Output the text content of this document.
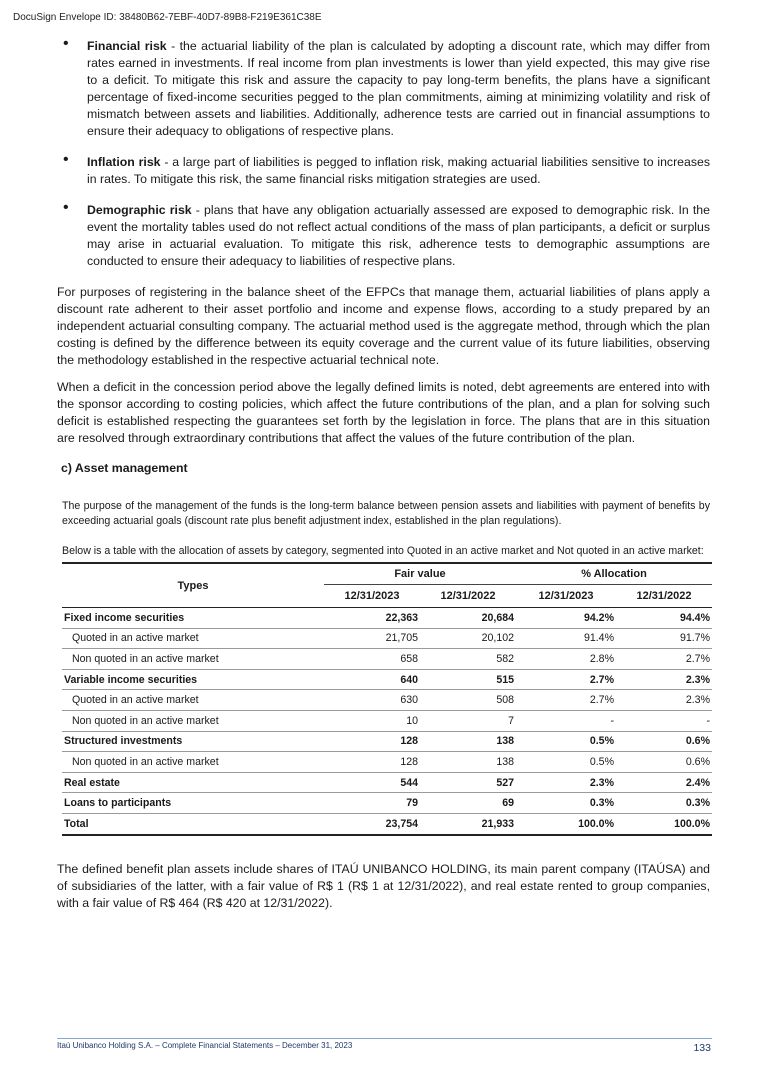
DocuSign Envelope ID: 38480B62-7EBF-40D7-89B8-F219E361C38E
• Financial risk - the actuarial liability of the plan is calculated by adopting a discount rate, which may differ from rates earned in investments. If real income from plan investments is lower than yield expected, this may give rise to a deficit. To mitigate this risk and assure the capacity to pay long-term benefits, the plans have a significant percentage of fixed-income securities pegged to the plan commitments, aiming at minimizing volatility and risk of mismatch between assets and liabilities. Additionally, adherence tests are carried out in financial assumptions to ensure their adequacy to obligations of respective plans.
• Inflation risk - a large part of liabilities is pegged to inflation risk, making actuarial liabilities sensitive to increases in rates. To mitigate this risk, the same financial risks mitigation strategies are used.
• Demographic risk - plans that have any obligation actuarially assessed are exposed to demographic risk. In the event the mortality tables used do not reflect actual conditions of the mass of plan participants, a deficit or surplus may arise in actuarial evaluation. To mitigate this risk, adherence tests to demographic assumptions are conducted to ensure their adequacy to liabilities of respective plans.

For purposes of registering in the balance sheet of the EFPCs that manage them, actuarial liabilities of plans apply a discount rate adherent to their asset portfolio and income and expense flows, according to a study prepared by an independent actuarial consulting company. The actuarial method used is the aggregate method, through which the plan costing is defined by the difference between its equity coverage and the current value of its future liabilities, observing the methodology established in the respective actuarial technical note.

When a deficit in the concession period above the legally defined limits is noted, debt agreements are entered into with the sponsor according to costing policies, which affect the future contributions of the plan, and a plan for solving such deficit is established respecting the guarantees set forth by the legislation in force. The plans that are in this situation are resolved through extraordinary contributions that affect the values of the future contribution of the plan.

c) Asset management

The purpose of the management of the funds is the long-term balance between pension assets and liabilities with payment of benefits by exceeding actuarial goals (discount rate plus benefit adjustment index, established in the plan regulations).

Below is a table with the allocation of assets by category, segmented into Quoted in an active market and Not quoted in an active market:

Types	Fair value		% Allocation	
	12/31/2023	12/31/2022	12/31/2023	12/31/2022
Fixed income securities	22,363	20,684	94.2%	94.4%
Quoted in an active market	21,705	20,102	91.4%	91.7%
Non quoted in an active market	658	582	2.8%	2.7%
Variable income securities	640	515	2.7%	2.3%
Quoted in an active market	630	508	2.7%	2.3%
Non quoted in an active market	10	7	-	-
Structured investments	128	138	0.5%	0.6%
Non quoted in an active market	128	138	0.5%	0.6%
Real estate	544	527	2.3%	2.4%
Loans to participants	79	69	0.3%	0.3%
Total	23,754	21,933	100.0%	100.0%

The defined benefit plan assets include shares of ITAÚ UNIBANCO HOLDING, its main parent company (ITAÚSA) and of subsidiaries of the latter, with a fair value of R$ 1 (R$ 1 at 12/31/2022), and real estate rented to group companies, with a fair value of R$ 464 (R$ 420 at 12/31/2022).

Itaú Unibanco Holding S.A. – Complete Financial Statements – December 31, 2023	133
